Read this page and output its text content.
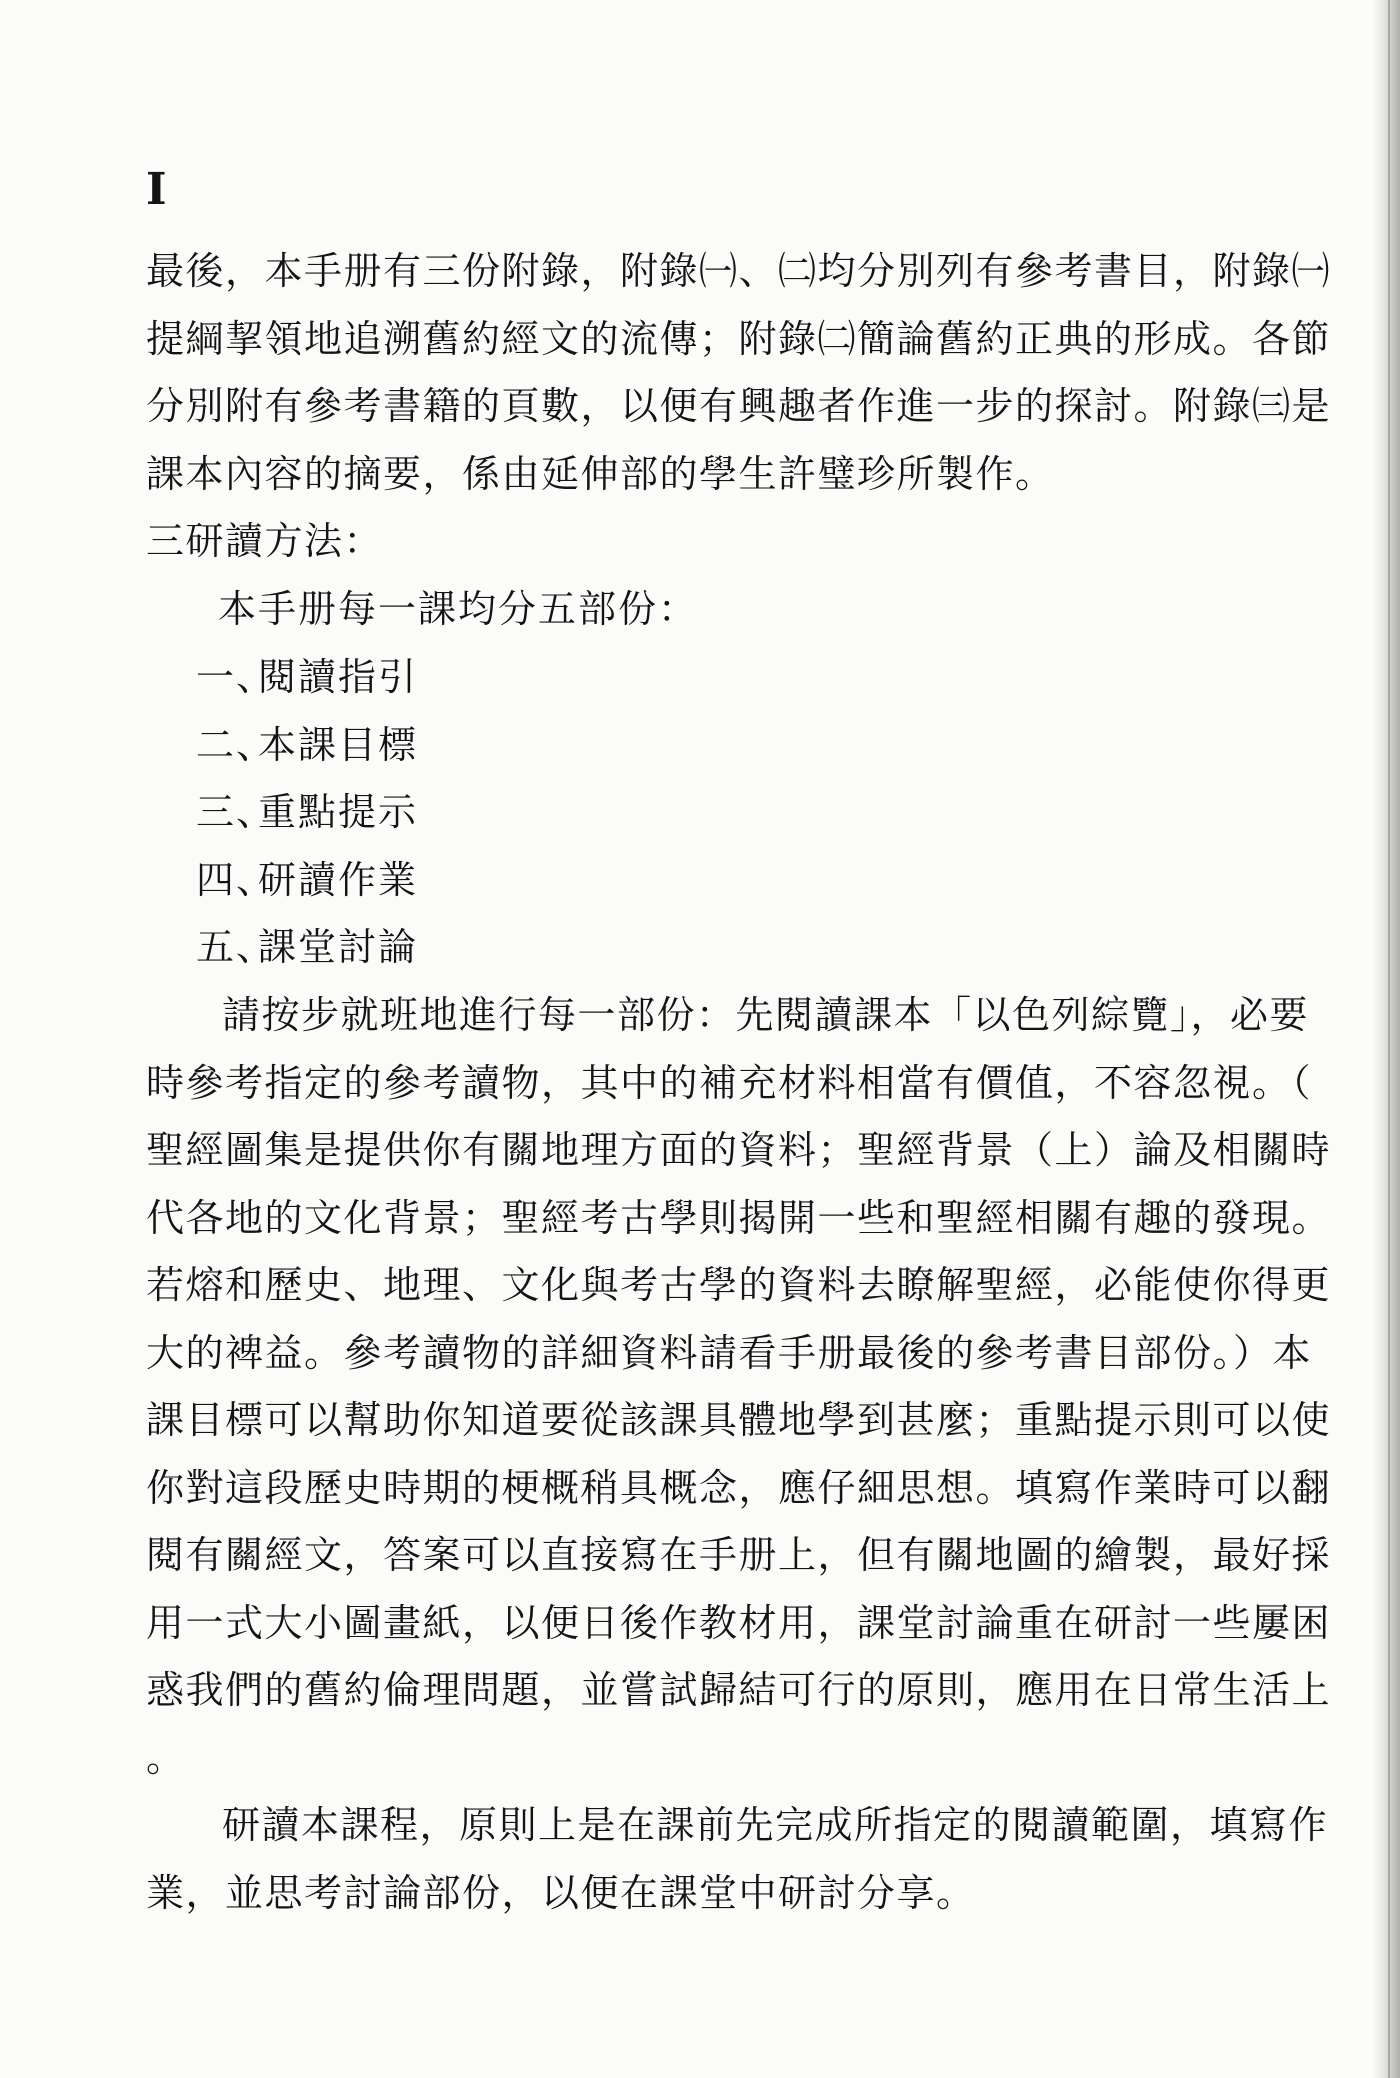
I
最後，本手册有三份附錄，附錄㈠、㈡均分別列有參考書目，附錄㈠
提綱挈領地追溯舊約經文的流傳；附錄㈡簡論舊約正典的形成。各節
分別附有參考書籍的頁數，以便有興趣者作進一步的探討。附錄㈢是
課本內容的摘要，係由延伸部的學生許璧珍所製作。
三研讀方法：
本手册每一課均分五部份：
一、
閱讀指引
二、
本課目標
三、
重點提示
四、
研讀作業
五、
課堂討論
請按步就班地進行每一部份：先閱讀課本「以色列綜覽」，必要
時參考指定的參考讀物，其中的補充材料相當有價值，不容忽視。（
聖經圖集是提供你有關地理方面的資料；聖經背景（上）論及相關時
代各地的文化背景；聖經考古學則揭開一些和聖經相關有趣的發現。
若熔和歷史、地理、文化與考古學的資料去瞭解聖經，必能使你得更
大的裨益。參考讀物的詳細資料請看手册最後的參考書目部份。）本
課目標可以幫助你知道要從該課具體地學到甚麼；重點提示則可以使
你對這段歷史時期的梗概稍具概念，應仔細思想。填寫作業時可以翻
閱有關經文，答案可以直接寫在手册上，但有關地圖的繪製，最好採
用一式大小圖畫紙，以便日後作教材用，課堂討論重在研討一些屢困
惑我們的舊約倫理問題，並嘗試歸結可行的原則，應用在日常生活上
。
研讀本課程，原則上是在課前先完成所指定的閱讀範圍，填寫作
業，並思考討論部份，以便在課堂中研討分享。
